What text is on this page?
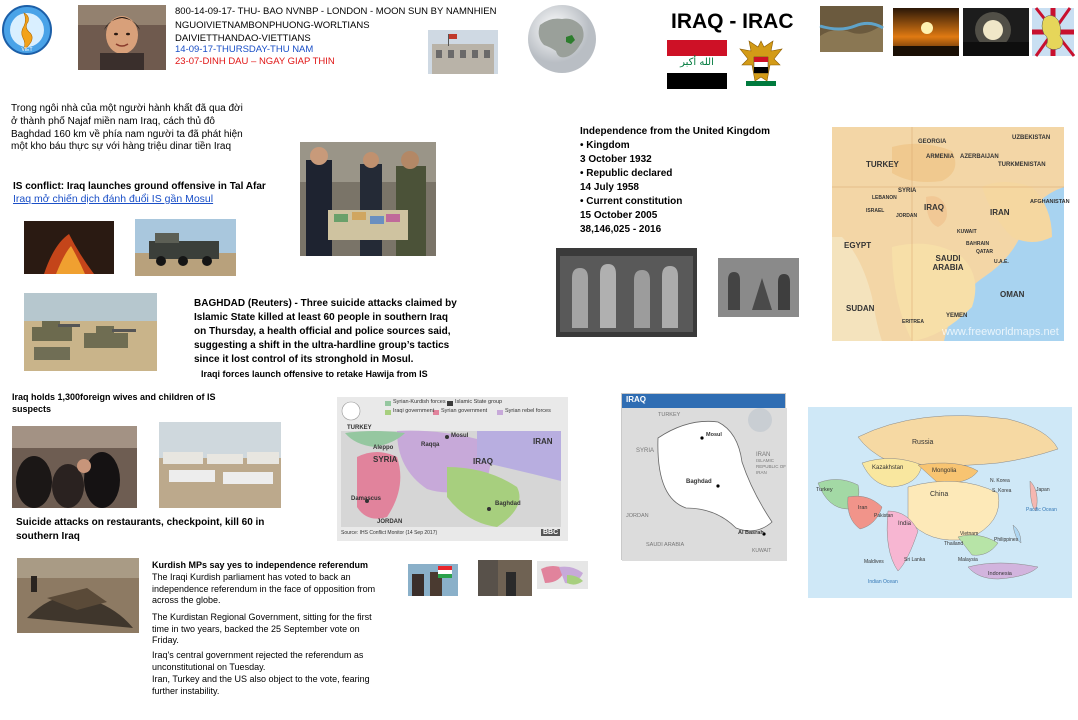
VIET
800-14-09-17- THU- BAO NVNBP - LONDON - MOON SUN BY NAMNHIEN
NGUOIVIETNAMBONPHUONG-WORLTIANS
DAIVIETTHANDAO-VIETTIANS
14-09-17-THURSDAY-THU NAM
23-07-DINH DAU – NGAY GIAP THIN
IRAQ - IRAC
الله أكبر
Trong ngôi nhà của một người hành khất đã qua đời ở thành phố Najaf miền nam Iraq, cách thủ đô Baghdad 160 km về phía nam người ta đã phát hiện một kho báu thực sự với hàng triệu dinar tiền Iraq
IS conflict: Iraq launches ground offensive in Tal Afar
Iraq mở chiến dịch đánh đuổi IS gần Mosul
Independence from the United Kingdom
• Kingdom
3 October 1932
• Republic declared
14 July 1958
• Current constitution
15 October 2005
38,146,025 - 2016
UZBEKISTAN
GEORGIA
ARMENIA AZERBAIJAN
TURKMENISTAN
TURKEY
SYRIA
LEBANON
ISRAEL
JORDAN
IRAQ
IRAN
AFGHANISTAN
KUWAIT
BAHRAIN
QATAR
EGYPT
SAUDI ARABIA
U.A.E.
OMAN
SUDAN
ERITREA
YEMEN
www.freeworldmaps.net
BAGHDAD (Reuters) - Three suicide attacks claimed by Islamic State killed at least 60 people in southern Iraq on Thursday, a health official and police sources said, suggesting a shift in the ultra-hardline group’s tactics since it lost control of its stronghold in Mosul.
Iraqi forces launch offensive to retake Hawija from IS
Iraq holds 1,300foreign wives and children of IS suspects
Suicide attacks on restaurants, checkpoint, kill 60 in southern Iraq
Syrian-Kurdish forces Islamic State group
Iraqi government Syrian government	Syrian rebel forces
TURKEY
Mosul
Raqqa
Aleppo
SYRIA	IRAQ
IRAN
Baghdad
Damascus
JORDAN
Source: IHS Conflict Monitor (14 Sep 2017)	BBC
IRAQ
TURKEY
Mosul
SYRIA
IRAN
Baghdad
JORDAN
ISLAMIC REPUBLIC OF IRAN
SAUDI ARABIA
KUWAIT
Al Basrah
Russia
Kazakhstan	Mongolia
China
Turkey
Iran
India
N. Korea
S. Korea	Japan
Pakistan
Vietnam
Thailand
Philippines
Indonesia
Malaysia
Sri Lanka
Pacific Ocean
Indian Ocean
Maldives
Kurdish MPs say yes to independence referendum
The Iraqi Kurdish parliament has voted to back an independence referendum in the face of opposition from across the globe.
The Kurdistan Regional Government, sitting for the first time in two years, backed the 25 September vote on Friday.
Iraq's central government rejected the referendum as unconstitutional on Tuesday.
Iran, Turkey and the US also object to the vote, fearing further instability.
